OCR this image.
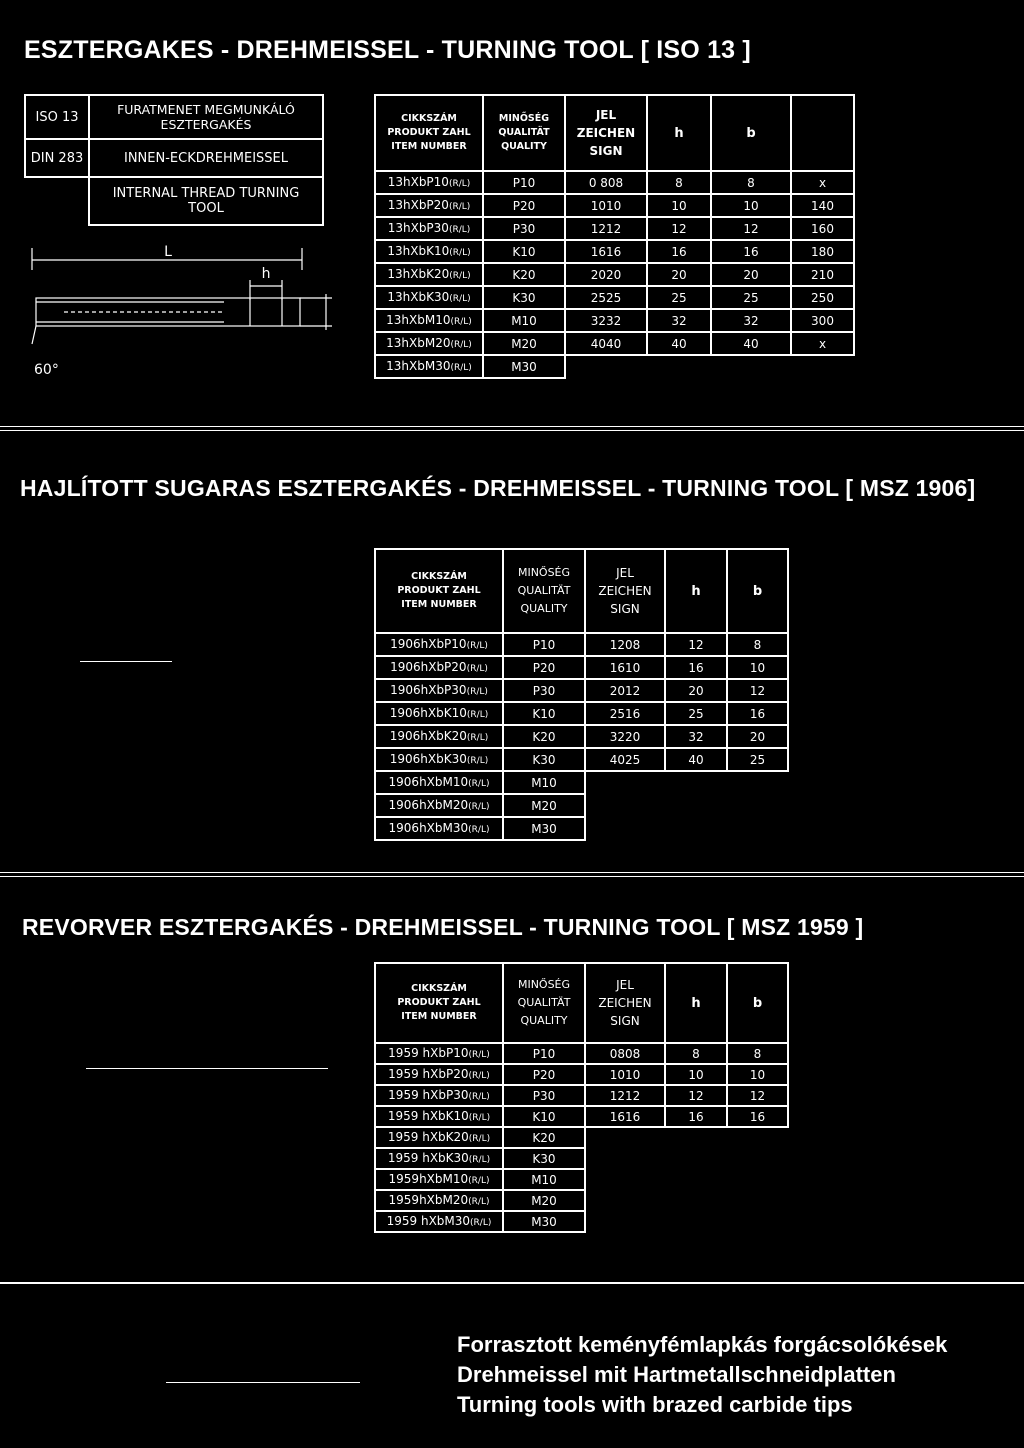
ESZTERGAKES - DREHMEISSEL - TURNING TOOL [ ISO 13 ]
ISO 13	FURATMENET MEGMUNKÁLÓ ESZTERGAKÉS
DIN 283	INNEN-ECKDREHMEISSEL
	INTERNAL THREAD TURNING TOOL
L
h
60°
CIKKSZÁM
PRODUKT ZAHL
ITEM NUMBER	MINŐSÉG
QUALITÄT
QUALITY	JEL
ZEICHEN
SIGN	h	b	
13hXbP10(R/L)	P10	0 808	8	8	x
13hXbP20(R/L)	P20	1010	10	10	140
13hXbP30(R/L)	P30	1212	12	12	160
13hXbK10(R/L)	K10	1616	16	16	180
13hXbK20(R/L)	K20	2020	20	20	210
13hXbK30(R/L)	K30	2525	25	25	250
13hXbM10(R/L)	M10	3232	32	32	300
13hXbM20(R/L)	M20	4040	40	40	x
13hXbM30(R/L)	M30				
HAJLÍTOTT SUGARAS ESZTERGAKÉS - DREHMEISSEL - TURNING TOOL [ MSZ 1906]
CIKKSZÁM
PRODUKT ZAHL
ITEM NUMBER	MINŐSÉG
QUALITÄT
QUALITY	JEL
ZEICHEN
SIGN	h	b
1906hXbP10(R/L)	P10	1208	12	8
1906hXbP20(R/L)	P20	1610	16	10
1906hXbP30(R/L)	P30	2012	20	12
1906hXbK10(R/L)	K10	2516	25	16
1906hXbK20(R/L)	K20	3220	32	20
1906hXbK30(R/L)	K30	4025	40	25
1906hXbM10(R/L)	M10			
1906hXbM20(R/L)	M20			
1906hXbM30(R/L)	M30			
REVORVER ESZTERGAKÉS - DREHMEISSEL - TURNING TOOL [ MSZ 1959 ]
CIKKSZÁM
PRODUKT ZAHL
ITEM NUMBER	MINŐSÉG
QUALITÄT
QUALITY	JEL
ZEICHEN
SIGN	h	b
1959 hXbP10(R/L)	P10	0808	8	8
1959 hXbP20(R/L)	P20	1010	10	10
1959 hXbP30(R/L)	P30	1212	12	12
1959 hXbK10(R/L)	K10	1616	16	16
1959 hXbK20(R/L)	K20			
1959 hXbK30(R/L)	K30			
1959hXbM10(R/L)	M10			
1959hXbM20(R/L)	M20			
1959 hXbM30(R/L)	M30			
Forrasztott keményfémlapkás forgácsolókések
Drehmeissel mit Hartmetallschneidplatten
Turning tools with brazed carbide tips
